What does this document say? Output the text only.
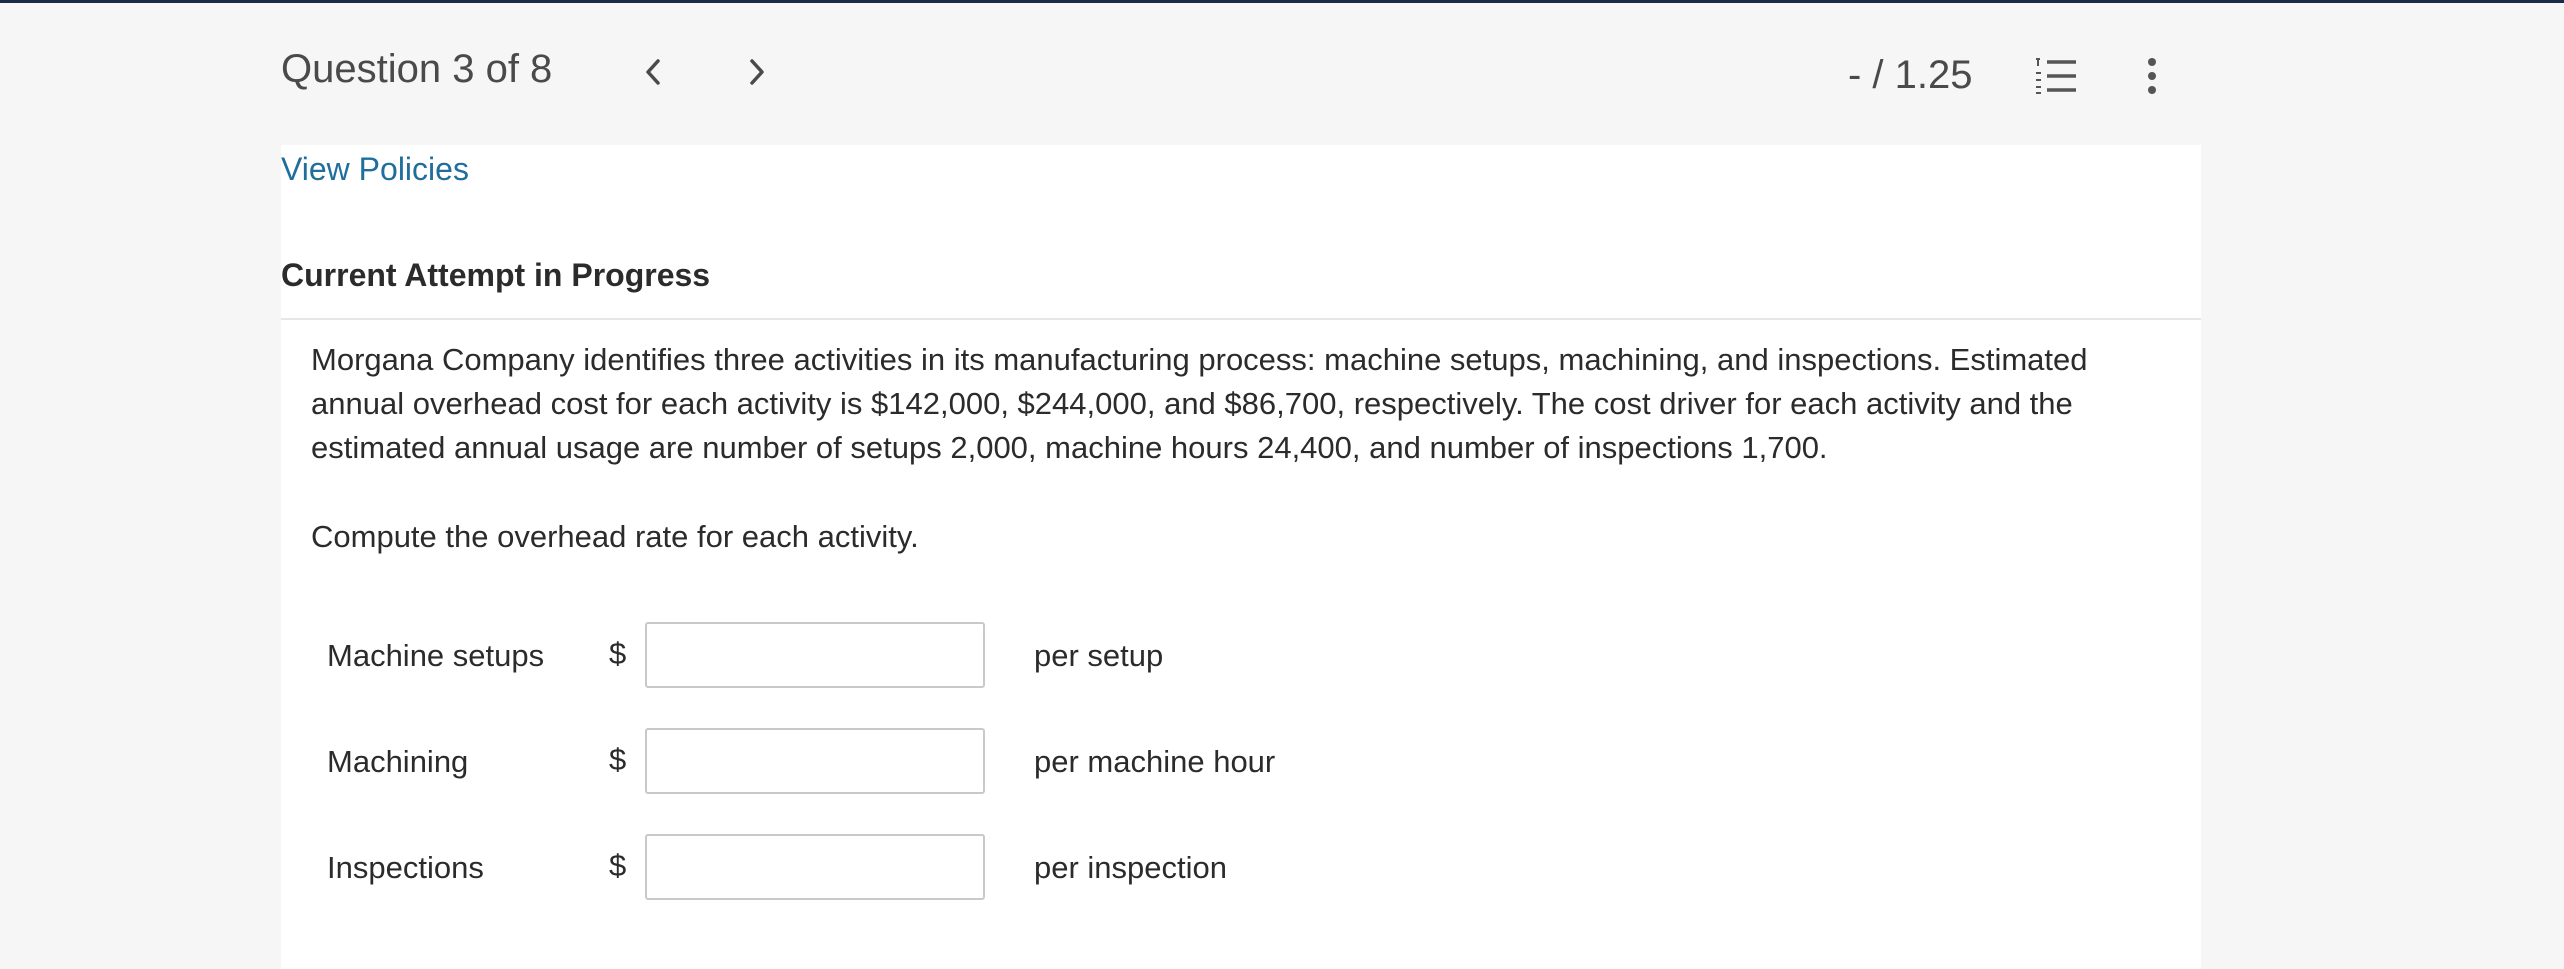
Question 3 of 8	- / 1.25
View Policies
Current Attempt in Progress

Morgana Company identifies three activities in its manufacturing process: machine setups, machining, and inspections. Estimated annual overhead cost for each activity is $142,000, $244,000, and $86,700, respectively. The cost driver for each activity and the estimated annual usage are number of setups 2,000, machine hours 24,400, and number of inspections 1,700.

Compute the overhead rate for each activity.

Machine setups $	per setup
Machining	$	per machine hour
Inspections	$	per inspection
